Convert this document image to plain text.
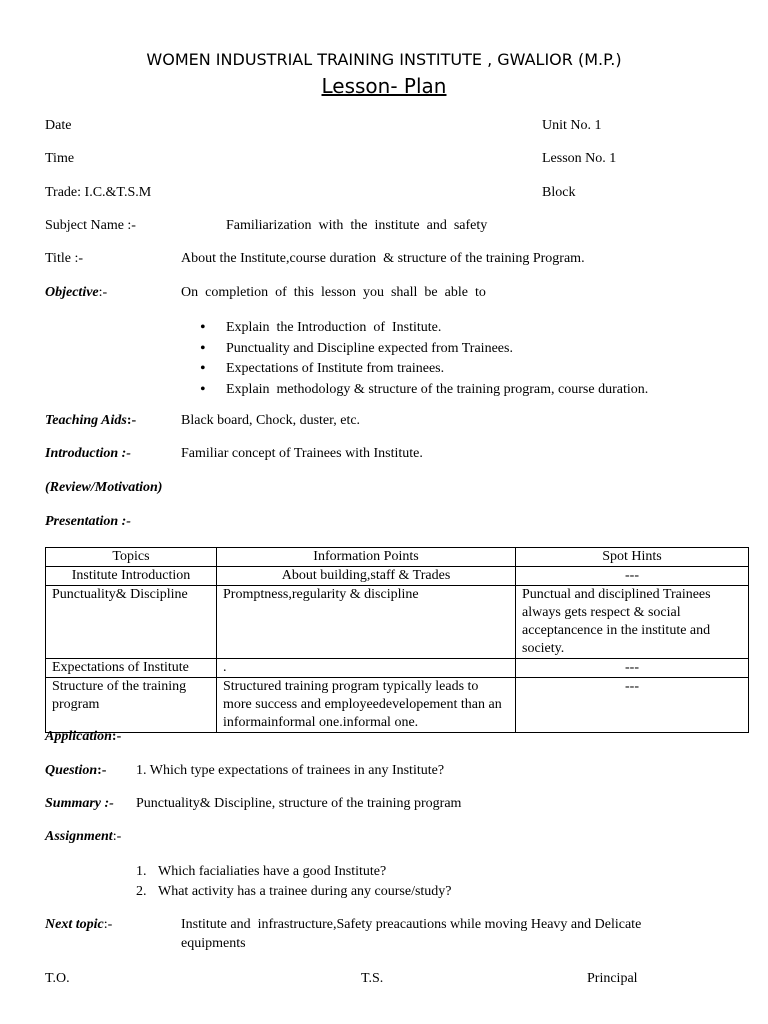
WOMEN INDUSTRIAL TRAINING INSTITUTE , GWALIOR (M.P.)
Lesson- Plan
Date
Time
Trade: I.C.&T.S.M
Unit No. 1
Lesson No. 1
Block
Subject Name :-	Familiarization  with  the  institute  and  safety
Title :-	About the Institute,course duration  & structure of the training Program.
Objective:-	On  completion  of  this  lesson  you  shall  be  able  to
• Explain  the Introduction  of  Institute.
• Punctuality and Discipline expected from Trainees.
• Expectations of Institute from trainees.
• Explain  methodology & structure of the training program, course duration.
Teaching Aids:-	Black board, Chock, duster, etc.
Introduction :-	Familiar concept of Trainees with Institute.
(Review/Motivation)
Presentation :-
Topics	Information Points	Spot Hints
Institute Introduction	About building,staff & Trades	---
Punctuality& Discipline	Promptness,regularity & discipline	Punctual and disciplined Trainees always gets respect & social acceptancence in the institute and society.
Expectations of Institute	.	---
Structure of the training program	Structured training program typically leads to more success and employeedevelopement than an informainformal one.informal one.	---
Application:-
Question:- 1. Which type expectations of trainees in any Institute?
Summary :- Punctuality& Discipline, structure of the training program
Assignment:-
1. Which facialiaties have a good Institute?
2. What activity has a trainee during any course/study?
Next topic:-	Institute and  infrastructure,Safety preacautions while moving Heavy and Delicate
equipments
T.O.	T.S.	Principal
